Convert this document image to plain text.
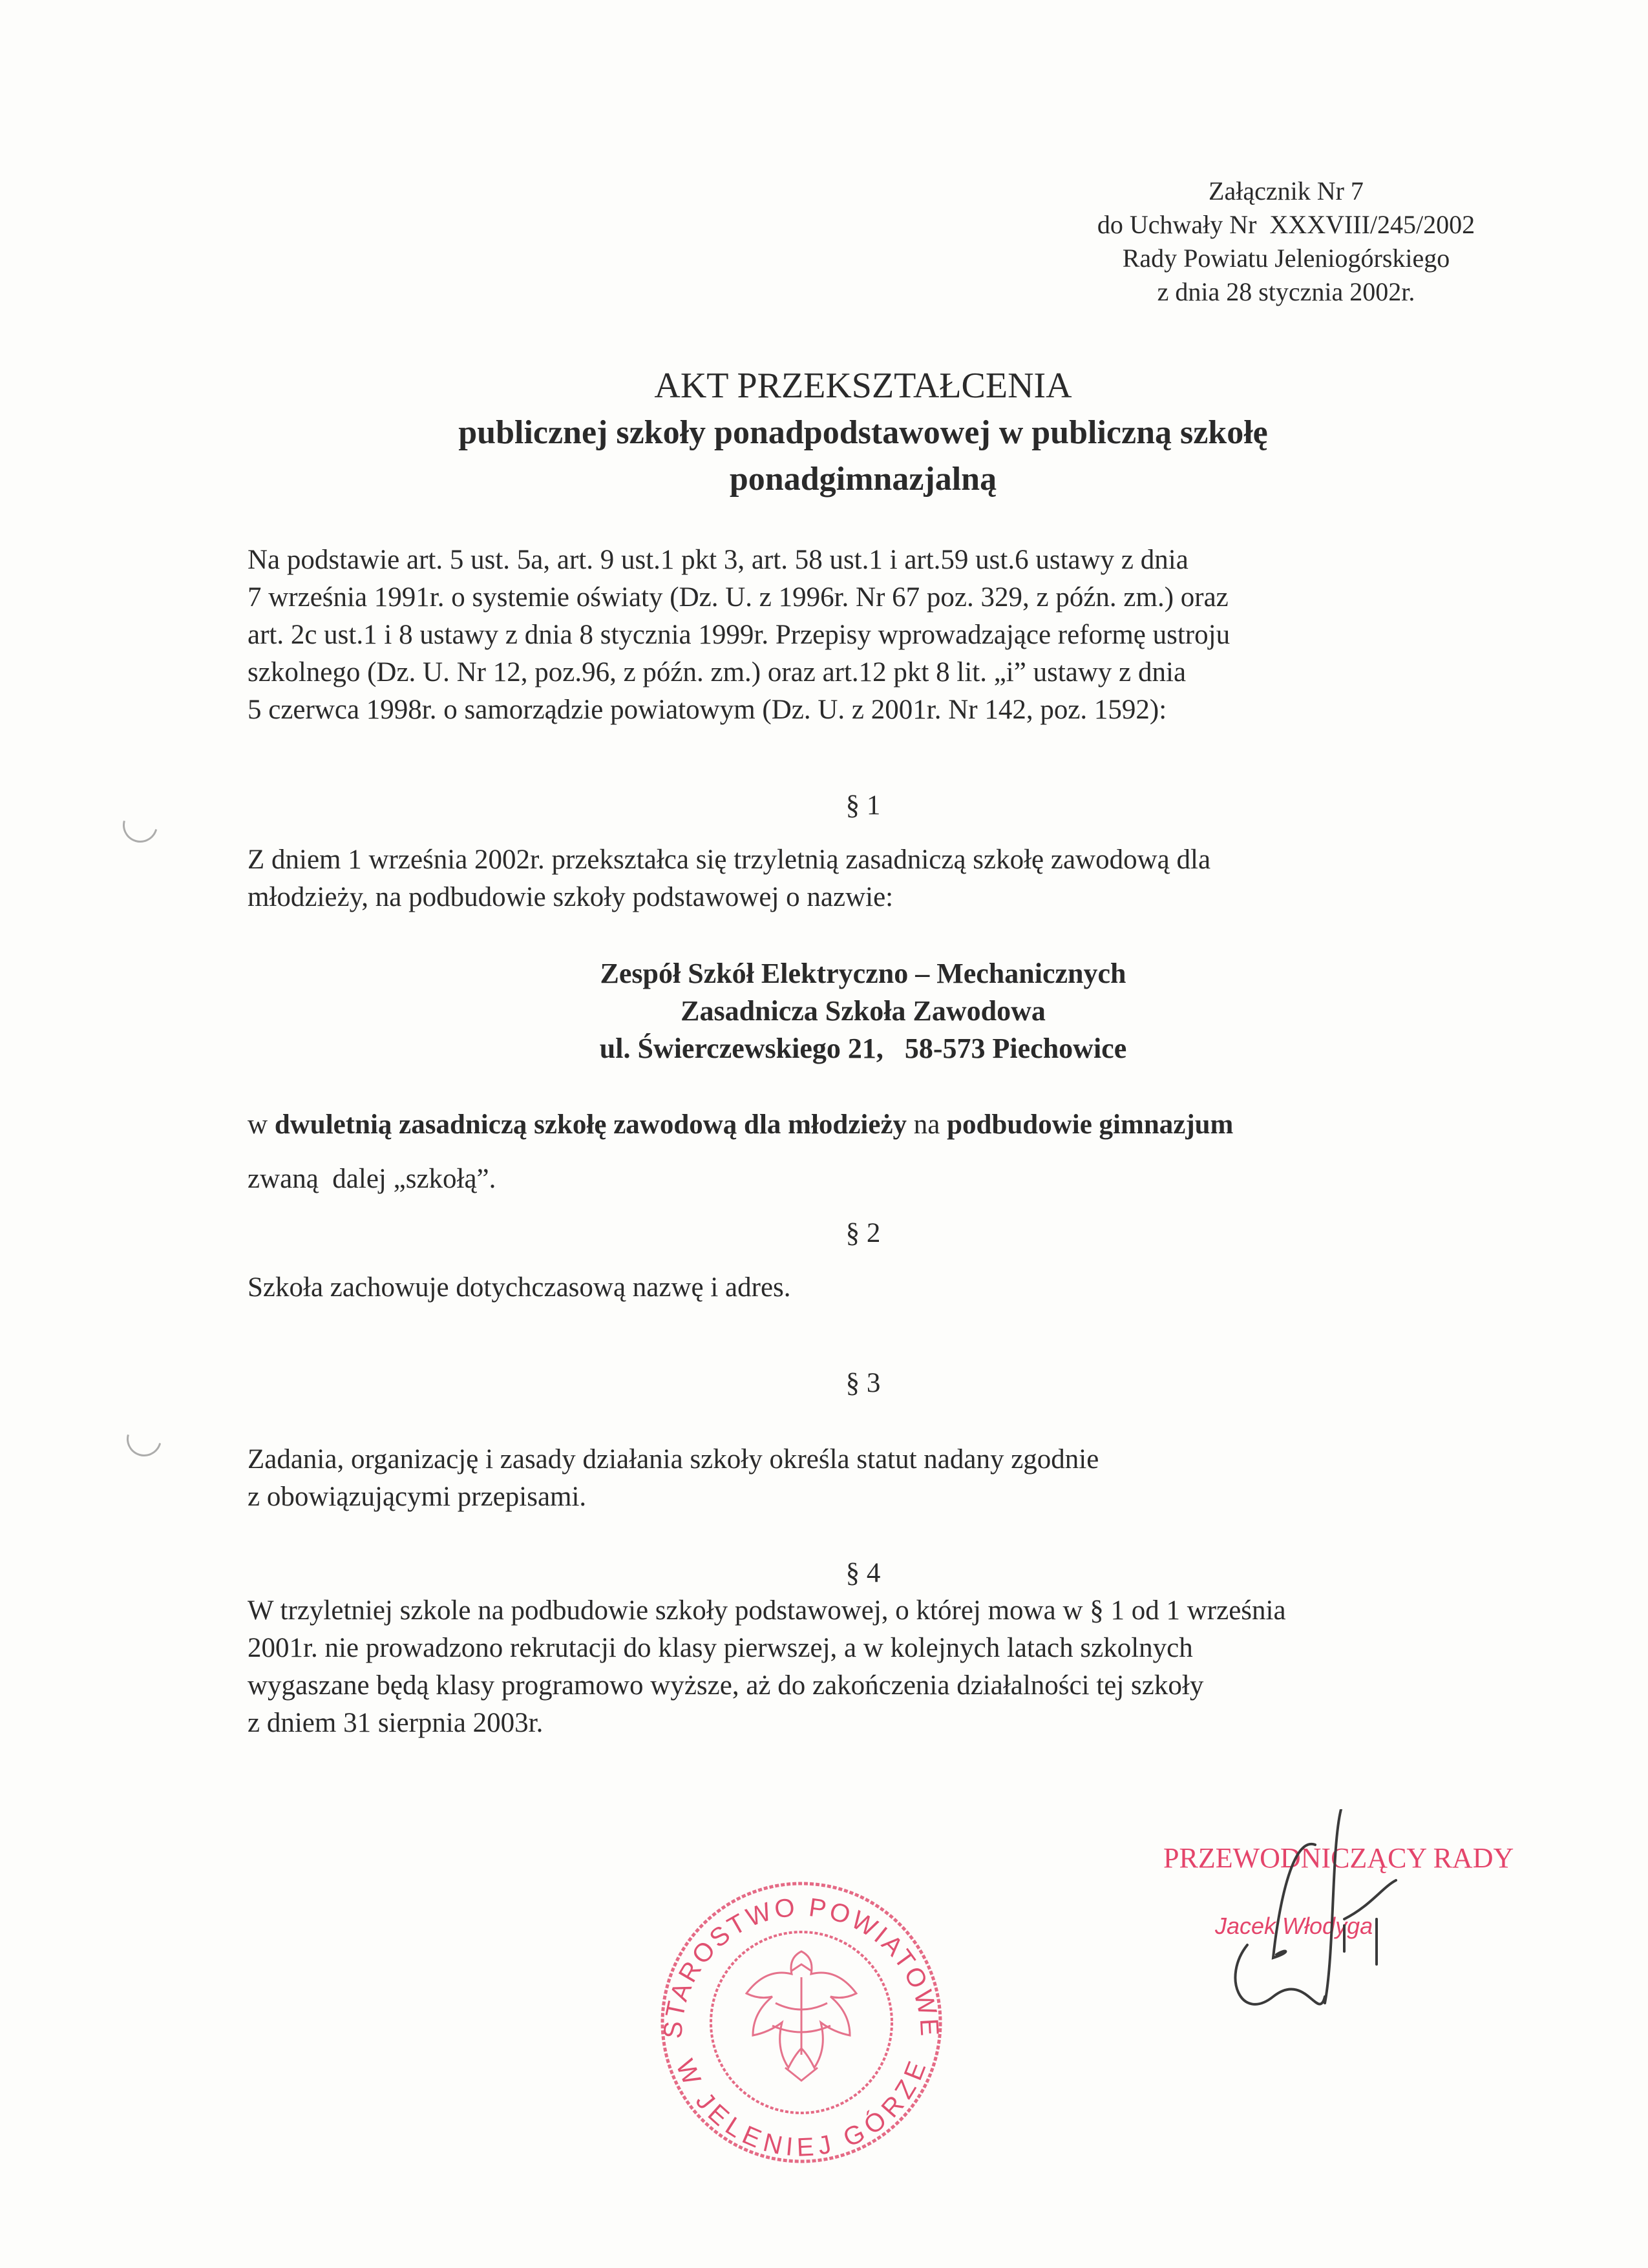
Załącznik Nr 7
do Uchwały Nr  XXXVIII/245/2002
Rady Powiatu Jeleniogórskiego
z dnia 28 stycznia 2002r.

AKT PRZEKSZTAŁCENIA

publicznej szkoły ponadpodstawowej w publiczną szkołę

ponadgimnazjalną

Na podstawie art. 5 ust. 5a, art. 9 ust.1 pkt 3, art. 58 ust.1 i art.59 ust.6 ustawy z dnia
7 września 1991r. o systemie oświaty (Dz. U. z 1996r. Nr 67 poz. 329, z późn. zm.) oraz
art. 2c ust.1 i 8 ustawy z dnia 8 stycznia 1999r. Przepisy wprowadzające reformę ustroju
szkolnego (Dz. U. Nr 12, poz.96, z późn. zm.) oraz art.12 pkt 8 lit. „i” ustawy z dnia
5 czerwca 1998r. o samorządzie powiatowym (Dz. U. z 2001r. Nr 142, poz. 1592):

§ 1

Z dniem 1 września 2002r. przekształca się trzyletnią zasadniczą szkołę zawodową dla
młodzieży, na podbudowie szkoły podstawowej o nazwie:

Zespół Szkół Elektryczno – Mechanicznych

Zasadnicza Szkoła Zawodowa

ul. Świerczewskiego 21,   58-573 Piechowice

w dwuletnią zasadniczą szkołę zawodową dla młodzieży na podbudowie gimnazjum

zwaną  dalej „szkołą”.

§ 2

Szkoła zachowuje dotychczasową nazwę i adres.

§ 3

Zadania, organizację i zasady działania szkoły określa statut nadany zgodnie
z obowiązującymi przepisami.

§ 4

W trzyletniej szkole na podbudowie szkoły podstawowej, o której mowa w § 1 od 1 września
2001r. nie prowadzono rekrutacji do klasy pierwszej, a w kolejnych latach szkolnych
wygaszane będą klasy programowo wyższe, aż do zakończenia działalności tej szkoły
z dniem 31 sierpnia 2003r.

STAROSTWO POWIATOWE
W JELENIEJ GÓRZE
PRZEWODNICZĄCY RADY
Jacek Włodyga
